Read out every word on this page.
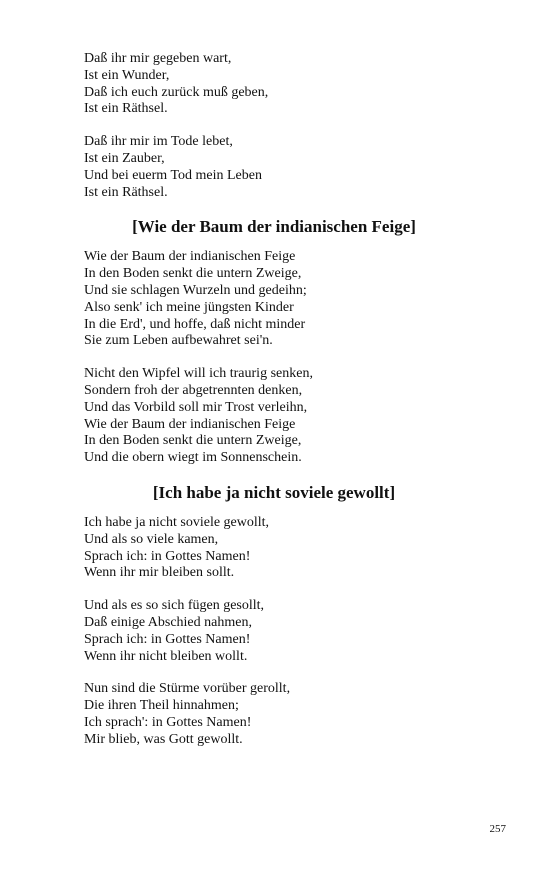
Daß ihr mir gegeben wart,
Ist ein Wunder,
Daß ich euch zurück muß geben,
Ist ein Räthsel.
Daß ihr mir im Tode lebet,
Ist ein Zauber,
Und bei euerm Tod mein Leben
Ist ein Räthsel.
[Wie der Baum der indianischen Feige]
Wie der Baum der indianischen Feige
In den Boden senkt die untern Zweige,
Und sie schlagen Wurzeln und gedeihn;
Also senk' ich meine jüngsten Kinder
In die Erd', und hoffe, daß nicht minder
Sie zum Leben aufbewahret sei'n.
Nicht den Wipfel will ich traurig senken,
Sondern froh der abgetrennten denken,
Und das Vorbild soll mir Trost verleihn,
Wie der Baum der indianischen Feige
In den Boden senkt die untern Zweige,
Und die obern wiegt im Sonnenschein.
[Ich habe ja nicht soviele gewollt]
Ich habe ja nicht soviele gewollt,
Und als so viele kamen,
Sprach ich: in Gottes Namen!
Wenn ihr mir bleiben sollt.
Und als es so sich fügen gesollt,
Daß einige Abschied nahmen,
Sprach ich: in Gottes Namen!
Wenn ihr nicht bleiben wollt.
Nun sind die Stürme vorüber gerollt,
Die ihren Theil hinnahmen;
Ich sprach': in Gottes Namen!
Mir blieb, was Gott gewollt.
257
